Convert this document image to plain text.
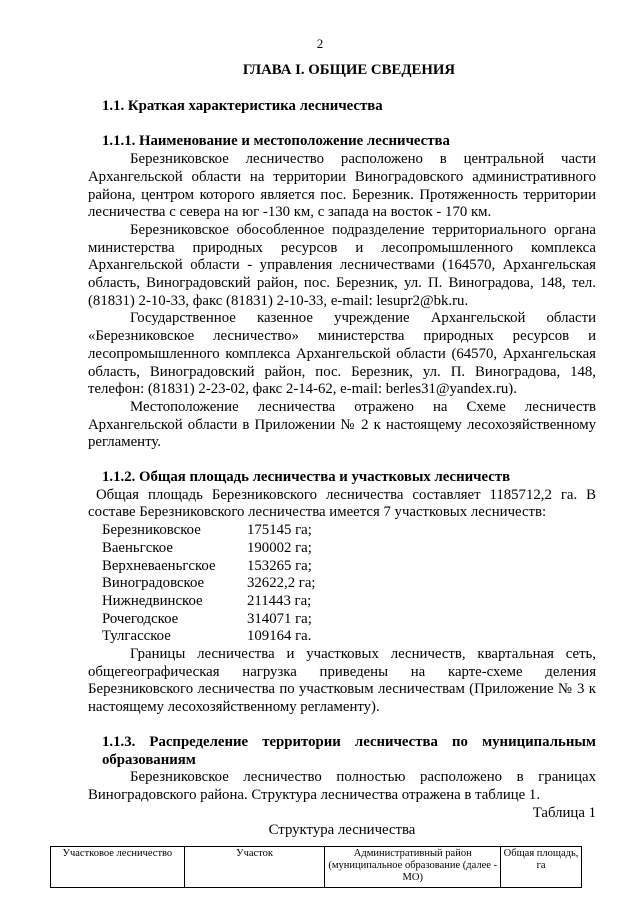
2
ГЛАВА I. ОБЩИЕ СВЕДЕНИЯ
1.1. Краткая характеристика лесничества
1.1.1. Наименование и местоположение лесничества

Березниковское лесничество расположено в центральной части Архангельской области на территории Виноградовского административного района, центром которого является пос. Березник. Протяженность территории лесничества с севера на юг -130 км, с запада на восток - 170 км.

Березниковское обособленное подразделение территориального органа министерства природных ресурсов и лесопромышленного комплекса Архангельской области - управления лесничествами (164570, Архангельская область, Виноградовский район, пос. Березник, ул. П. Виноградова, 148, тел. (81831) 2-10-33, факс (81831) 2-10-33, e-mail: lesupr2@bk.ru.

Государственное казенное учреждение Архангельской области «Березниковское лесничество» министерства природных ресурсов и лесопромышленного комплекса Архангельской области (64570, Архангельская область, Виноградовский район, пос. Березник, ул. П. Виноградова, 148, телефон: (81831) 2-23-02, факс 2-14-62, e-mail: berles31@yandex.ru).

Местоположение лесничества отражено на Схеме лесничеств Архангельской области в Приложении № 2 к настоящему лесохозяйственному регламенту.

1.1.2. Общая площадь лесничества и участковых лесничеств

Общая площадь Березниковского лесничества составляет 1185712,2 га. В составе Березниковского лесничества имеется 7 участковых лесничеств:

Березниковское	175145 га;
Ваеньгское	190002 га;
Верхневаеньгское	153265 га;
Виноградовское	32622,2 га;
Нижнедвинское	211443 га;
Рочегодское	314071 га;
Тулгасское	109164 га.

Границы лесничества и участковых лесничеств, квартальная сеть, общегеографическая нагрузка приведены на карте-схеме деления Березниковского лесничества по участковым лесничествам (Приложение № 3 к настоящему лесохозяйственному регламенту).

1.1.3. Распределение территории лесничества по муниципальным образованиям

Березниковское лесничество полностью расположено в границах Виноградовского района. Структура лесничества отражена в таблице 1.

Таблица 1
Структура лесничества
Участковое лесничество	Участок	Административный район (муниципальное образование (далее - МО)	Общая площадь, га
